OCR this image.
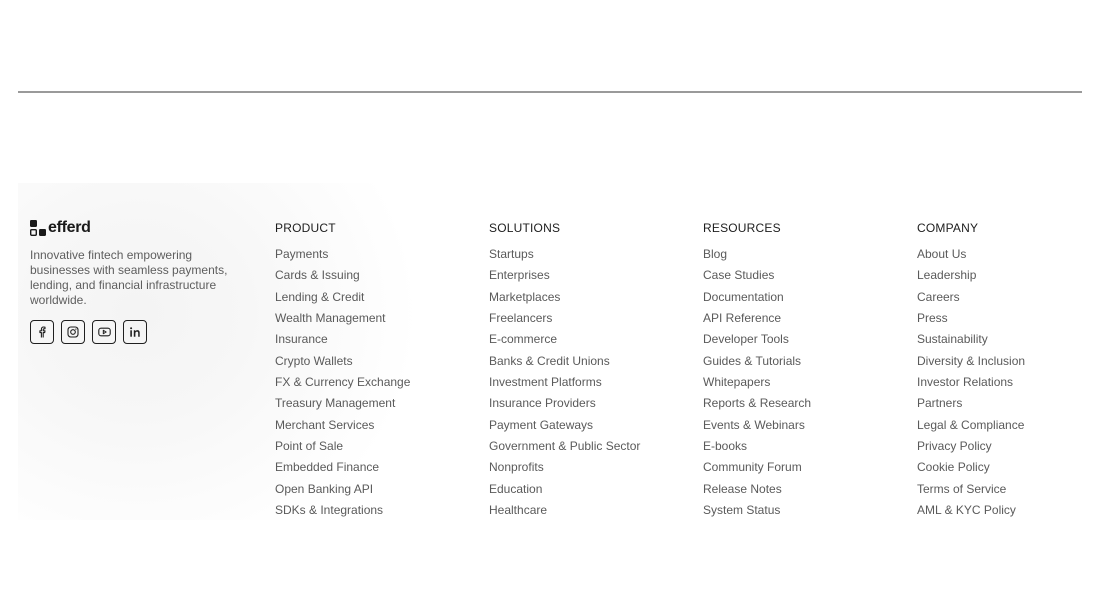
efferd
Innovative fintech empowering businesses with seamless payments, lending, and financial infrastructure worldwide.
PRODUCT
Payments
Cards & Issuing
Lending & Credit
Wealth Management
Insurance
Crypto Wallets
FX & Currency Exchange
Treasury Management
Merchant Services
Point of Sale
Embedded Finance
Open Banking API
SDKs & Integrations
SOLUTIONS
Startups
Enterprises
Marketplaces
Freelancers
E-commerce
Banks & Credit Unions
Investment Platforms
Insurance Providers
Payment Gateways
Government & Public Sector
Nonprofits
Education
Healthcare
RESOURCES
Blog
Case Studies
Documentation
API Reference
Developer Tools
Guides & Tutorials
Whitepapers
Reports & Research
Events & Webinars
E-books
Community Forum
Release Notes
System Status
COMPANY
About Us
Leadership
Careers
Press
Sustainability
Diversity & Inclusion
Investor Relations
Partners
Legal & Compliance
Privacy Policy
Cookie Policy
Terms of Service
AML & KYC Policy
